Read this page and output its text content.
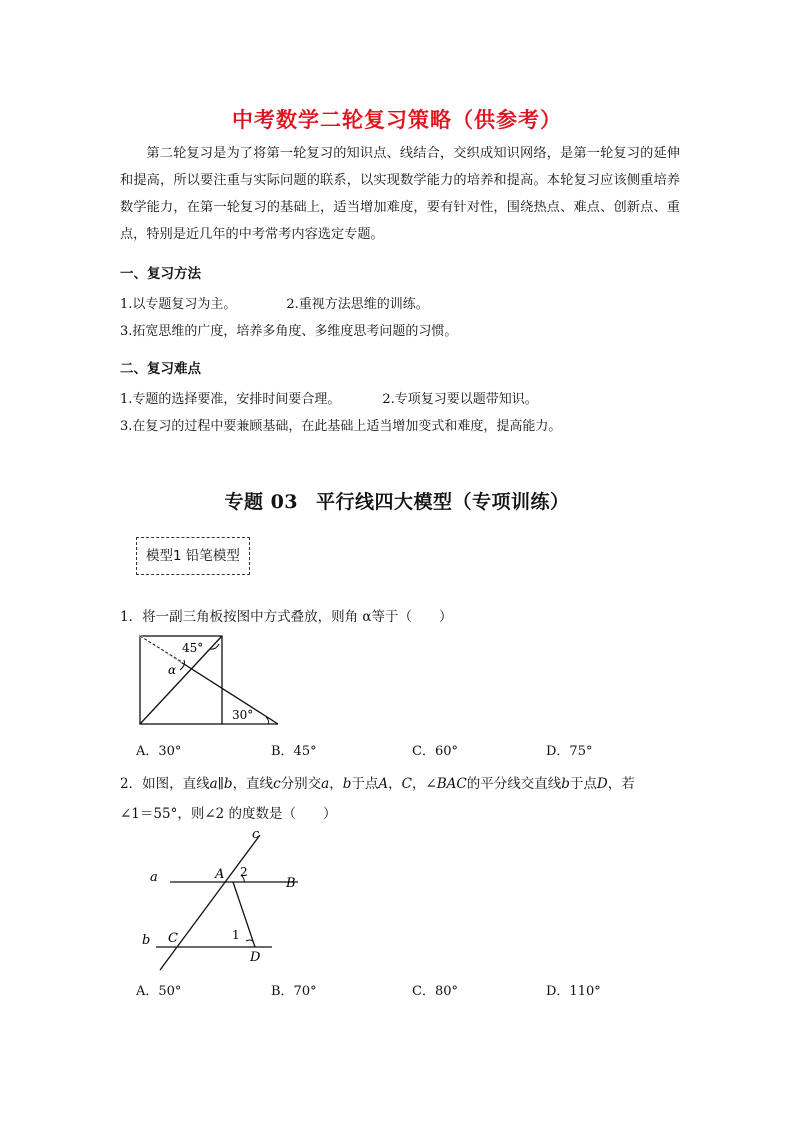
中考数学二轮复习策略（供参考）

第二轮复习是为了将第一轮复习的知识点、线结合，交织成知识网络，是第一轮复习的延伸和提高，所以要注重与实际问题的联系，以实现数学能力的培养和提高。本轮复习应该侧重培养数学能力，在第一轮复习的基础上，适当增加难度，要有针对性，围绕热点、难点、创新点、重点，特别是近几年的中考常考内容选定专题。

一、复习方法
1.以专题复习为主。	2.重视方法思维的训练。
3.拓宽思维的广度，培养多角度、多维度思考问题的习惯。
二、复习难点
1.专题的选择要准，安排时间要合理。	2.专项复习要以题带知识。
3.在复习的过程中要兼顾基础，在此基础上适当增加变式和难度，提高能力。
专题 03 平行线四大模型（专项训练）
模型1 铅笔模型
1．将一副三角板按图中方式叠放，则角 α等于（　　）
45°
α
30°
A．30°	B．45°	C．60°	D．75°
2．如图，直线a∥b，直线c分别交a，b于点A，C，∠BAC的平分线交直线b于点D，若
∠1＝55°，则∠2 的度数是（　　）
a
b
c
A
B
C
D
1
2
A．50°	B．70°	C．80°	D．110°
